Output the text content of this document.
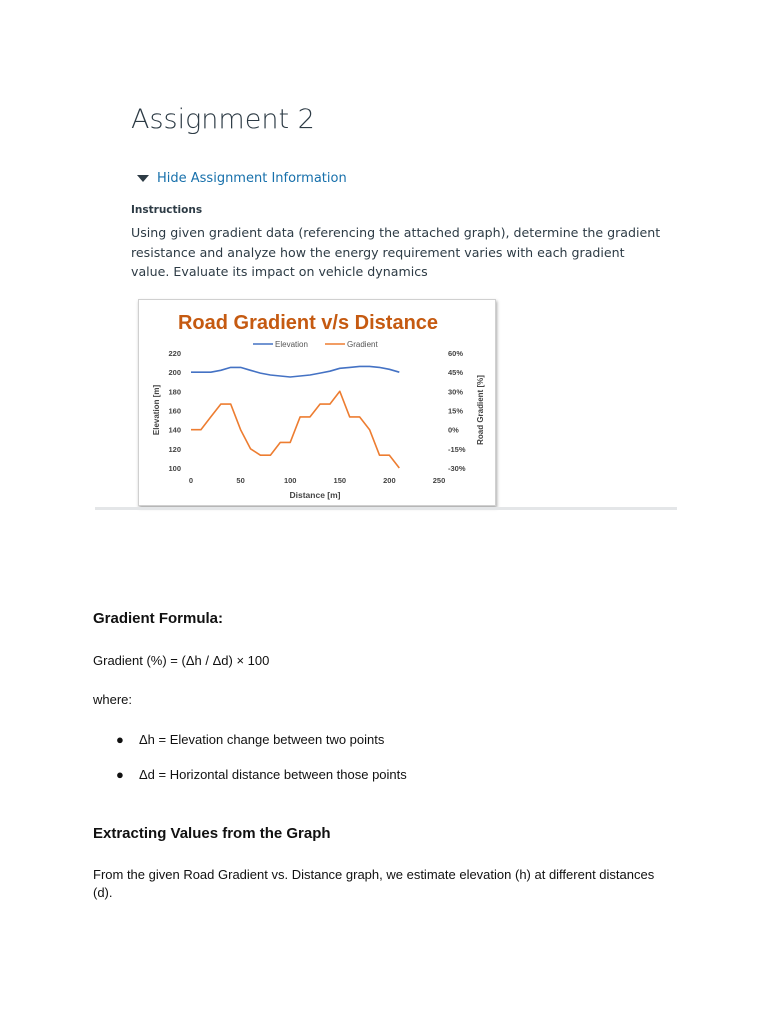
Assignment 2
Hide Assignment Information
Instructions
Using given gradient data (referencing the attached graph), determine the gradient resistance and analyze how the energy requirement varies with each gradient value. Evaluate its impact on vehicle dynamics
Road Gradient v/s Distance
Elevation	Gradient
100
120
140
160
180
200
220
-30%
-15%
0%
15%
30%
45%
60%
0	50	100	150	200	250
Elevation [m]	Road Gradient [%]
Distance [m]
Gradient Formula:

Gradient (%) = (Δh / Δd) × 100

where:

● Δh = Elevation change between two points
● Δd = Horizontal distance between those points
Extracting Values from the Graph

From the given Road Gradient vs. Distance graph, we estimate elevation (h) at different distances (d).
